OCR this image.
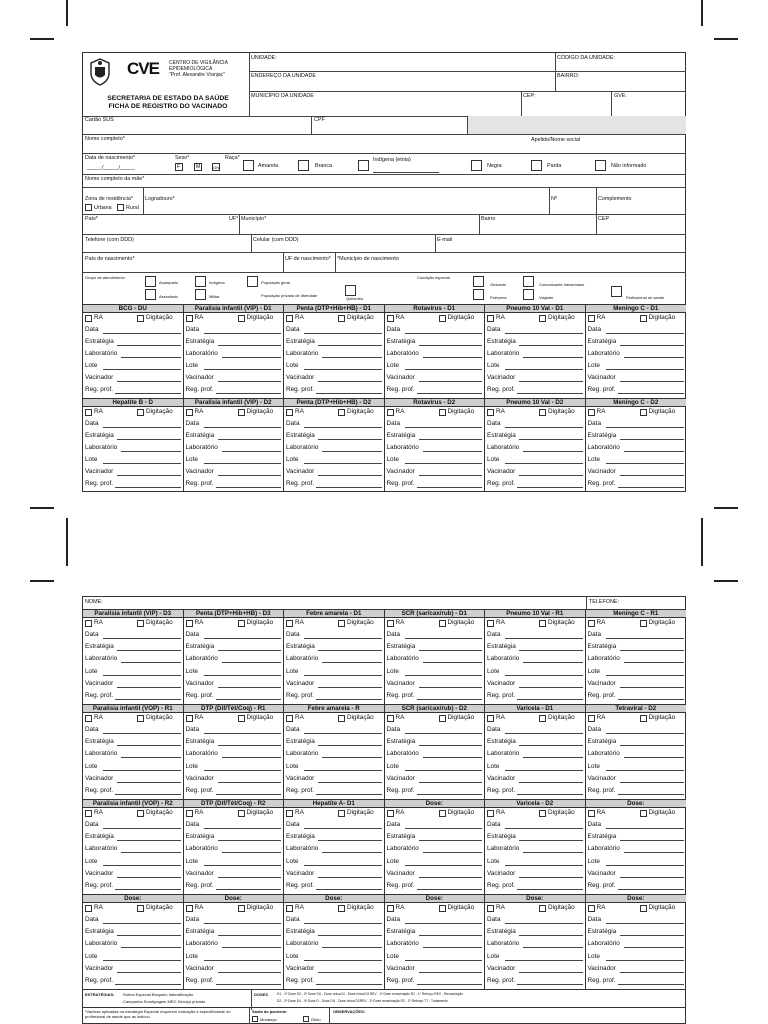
CVE CENTRO DE VIGILÂNCIA
EPIDEMIOLÓGICA
"Prof. Alexandre Vranjac"
SECRETARIA DE ESTADO DA SAÚDE
FICHA DE REGISTRO DO VACINADO
UNIDADE:	CÓDIGO DA UNIDADE:
ENDEREÇO DA UNIDADE	BAIRRO:
MUNICÍPIO DA UNIDADE	CEP:	GVE:
Cartão SUS	CPF
Nome completo*	Apelido/Nome social
Data de nascimento*
_____/_____/_____
Sexo*
F	M	IGN
Raça*
Amarela	Branca
Indígena (etnia)
Negra	Parda	Não informado
Nome completo da mãe*
Zona de residência*
Urbana	Rural
Logradouro*	Nº	Complemento
País*	UF* Município*	Bairro	CEP
Telefone (com DDD)	Celular (com DDD)	E-mail
País de nascimento*	UF de nascimento* *Município de nascimento
Grupo de atendimento
Acampado	Indígena	População geral
Assentado	Militar	População privada de liberdade
Quilombo
Condição especial
Gestante	Comunicante hanseníase
Puérpera	Viajante	Profissional de saúde
BCG - DU
RA	Digitação
Data
Estratégia
Laboratório
Lote
Vacinador
Reg. prof.
Paralisia infantil (VIP) - D1
RA	Digitação
Data
Estratégia
Laboratório
Lote
Vacinador
Reg. prof.
Penta (DTP+Hib+HB) - D1
RA	Digitação
Data
Estratégia
Laboratório
Lote
Vacinador
Reg. prof.
Rotavírus - D1
RA	Digitação
Data
Estratégia
Laboratório
Lote
Vacinador
Reg. prof.
Pneumo 10 Val - D1
RA	Digitação
Data
Estratégia
Laboratório
Lote
Vacinador
Reg. prof.
Meningo C - D1
RA	Digitação
Data
Estratégia
Laboratório
Lote
Vacinador
Reg. prof.
Hepatite B - D
RA	Digitação
Data
Estratégia
Laboratório
Lote
Vacinador
Reg. prof.
Paralisia infantil (VIP) - D2
RA	Digitação
Data
Estratégia
Laboratório
Lote
Vacinador
Reg. prof.
Penta (DTP+Hib+HB) - D2
RA	Digitação
Data
Estratégia
Laboratório
Lote
Vacinador
Reg. prof.
Rotavírus - D2
RA	Digitação
Data
Estratégia
Laboratório
Lote
Vacinador
Reg. prof.
Pneumo 10 Val - D2
RA	Digitação
Data
Estratégia
Laboratório
Lote
Vacinador
Reg. prof.
Meningo C - D2
RA	Digitação
Data
Estratégia
Laboratório
Lote
Vacinador
Reg. prof.
NOME:	TELEFONE:
Paralisia infantil (VIP) - D3
RA	Digitação
Data
Estratégia
Laboratório
Lote
Vacinador
Reg. prof.
Penta (DTP+Hib+HB) - D3
RA	Digitação
Data
Estratégia
Laboratório
Lote
Vacinador
Reg. prof.
Febre amarela - D1
RA	Digitação
Data
Estratégia
Laboratório
Lote
Vacinador
Reg. prof.
SCR (sar/cax/rub) - D1
RA	Digitação
Data
Estratégia
Laboratório
Lote
Vacinador
Reg. prof.
Pneumo 10 Val - R1
RA	Digitação
Data
Estratégia
Laboratório
Lote
Vacinador
Reg. prof.
Meningo C - R1
RA	Digitação
Data
Estratégia
Laboratório
Lote
Vacinador
Reg. prof.
Paralisia infantil (VOP) - R1
RA	Digitação
Data
Estratégia
Laboratório
Lote
Vacinador
Reg. prof.
DTP (Dif/Tét/Coq) - R1
RA	Digitação
Data
Estratégia
Laboratório
Lote
Vacinador
Reg. prof.
Febre amarela - R
RA	Digitação
Data
Estratégia
Laboratório
Lote
Vacinador
Reg. prof.
SCR (sar/cax/rub) - D2
RA	Digitação
Data
Estratégia
Laboratório
Lote
Vacinador
Reg. prof.
Varicela - D1
RA	Digitação
Data
Estratégia
Laboratório
Lote
Vacinador
Reg. prof.
Tetraviral - D2
RA	Digitação
Data
Estratégia
Laboratório
Lote
Vacinador
Reg. prof.
Paralisia infantil (VOP) - R2
RA	Digitação
Data
Estratégia
Laboratório
Lote
Vacinador
Reg. prof.
DTP (Dif/Tét/Coq) - R2
RA	Digitação
Data
Estratégia
Laboratório
Lote
Vacinador
Reg. prof.
Hepatite A- D1
RA	Digitação
Data
Estratégia
Laboratório
Lote
Vacinador
Reg. prof.
Dose:
RA	Digitação
Data
Estratégia
Laboratório
Lote
Vacinador
Reg. prof.
Varicela - D2
RA	Digitação
Data
Estratégia
Laboratório
Lote
Vacinador
Reg. prof.
Dose:
RA	Digitação
Data
Estratégia
Laboratório
Lote
Vacinador
Reg. prof.
Dose:
RA	Digitação
Data
Estratégia
Laboratório
Lote
Vacinador
Reg. prof.
Dose:
RA	Digitação
Data
Estratégia
Laboratório
Lote
Vacinador
Reg. prof.
Dose:
RA	Digitação
Data
Estratégia
Laboratório
Lote
Vacinador
Reg. prof.
Dose:
RA	Digitação
Data
Estratégia
Laboratório
Lote
Vacinador
Reg. prof.
Dose:
RA	Digitação
Data
Estratégia
Laboratório
Lote
Vacinador
Reg. prof.
Dose:
RA	Digitação
Data
Estratégia
Laboratório
Lote
Vacinador
Reg. prof.
ESTRATÉGIAS: Rotina Especial Bloqueio Intensificação
Campanha Sorotipagem MRC Serviço privado
DOSES	D1 - 1ª Dose D3 - 3ª Dose DU - Dose única DI - Dose inicial D1REV - 1ª Dose revacinação R1 - 1º Reforço REV - Revacinação
D2 - 2ª Dose D4 - 4ª Dose D - Dose DU - Dose única D2REV - 2ª Dose revacinação R2 - 2º Reforço TT - Tratamento
*Vacinas aplicadas na estratégia Especial requerem indicação e especificidade do profissional de saúde que as indicou
Saída do paciente:
Mudança	Óbito
OBSERVAÇÕES:
